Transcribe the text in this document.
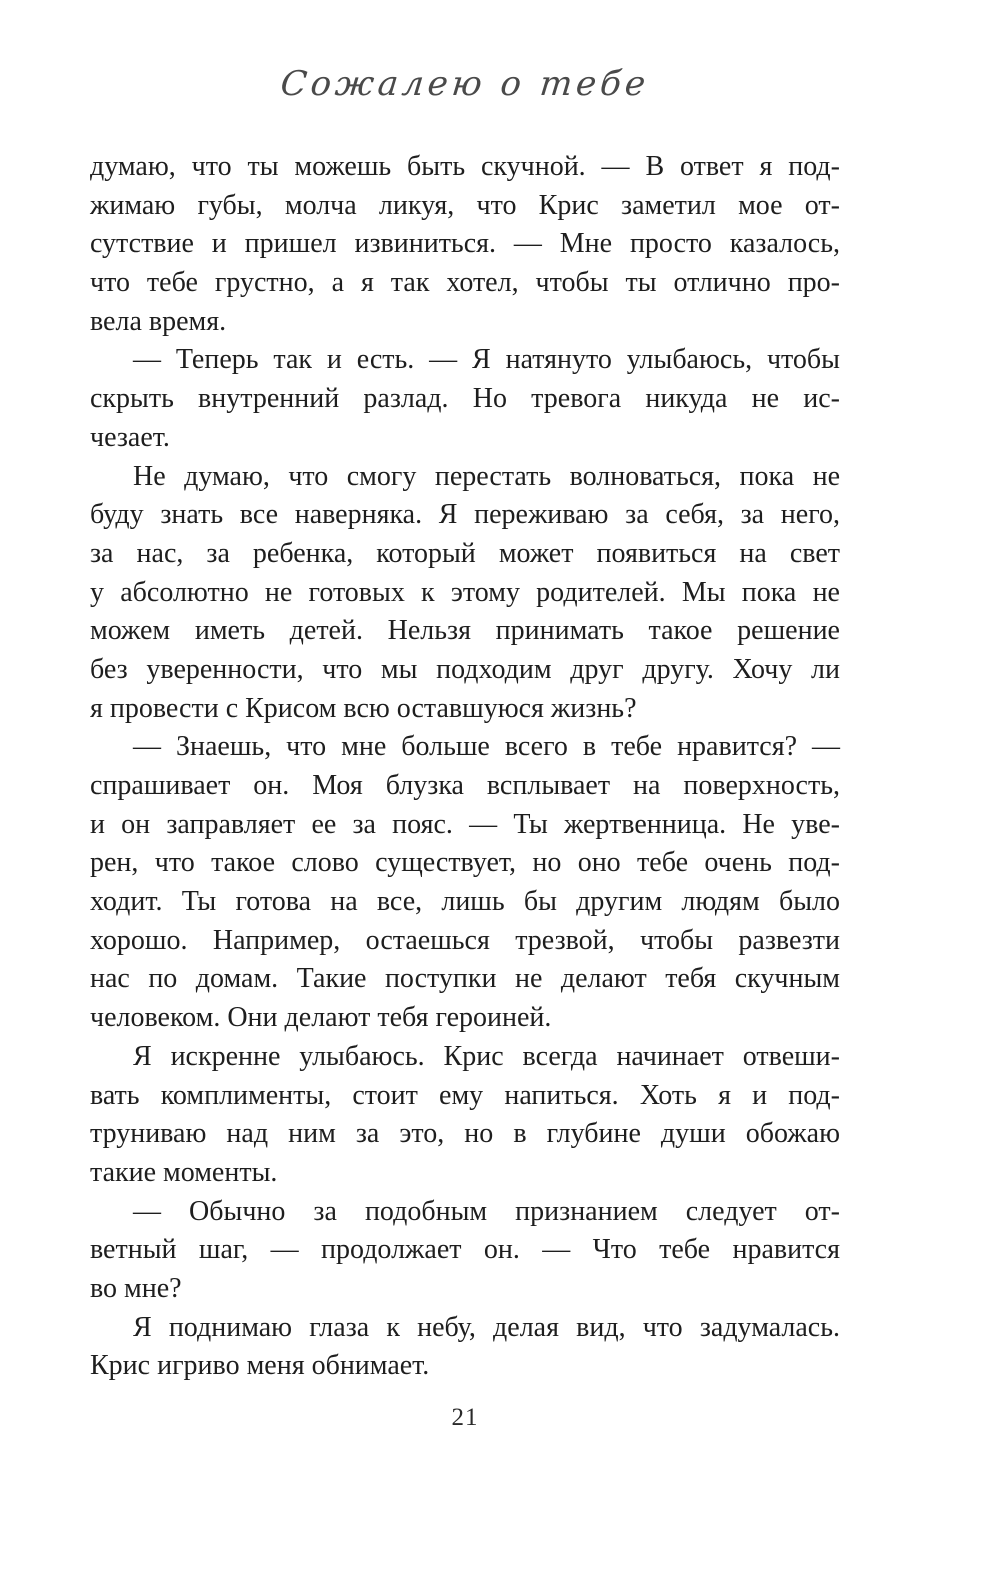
Сожалею о тебе
думаю, что ты можешь быть скучной. — В ответ я под-
жимаю губы, молча ликуя, что Крис заметил мое от-
сутствие и пришел извиниться. — Мне просто казалось,
что тебе грустно, а я так хотел, чтобы ты отлично про-
вела время.
— Теперь так и есть. — Я натянуто улыбаюсь, чтобы
скрыть внутренний разлад. Но тревога никуда не ис-
чезает.
Не думаю, что смогу перестать волноваться, пока не
буду знать все наверняка. Я переживаю за себя, за него,
за нас, за ребенка, который может появиться на свет
у абсолютно не готовых к этому родителей. Мы пока не
можем иметь детей. Нельзя принимать такое решение
без уверенности, что мы подходим друг другу. Хочу ли
я провести с Крисом всю оставшуюся жизнь?
— Знаешь, что мне больше всего в тебе нравится? —
спрашивает он. Моя блузка всплывает на поверхность,
и он заправляет ее за пояс. — Ты жертвенница. Не уве-
рен, что такое слово существует, но оно тебе очень под-
ходит. Ты готова на все, лишь бы другим людям было
хорошо. Например, остаешься трезвой, чтобы развезти
нас по домам. Такие поступки не делают тебя скучным
человеком. Они делают тебя героиней.
Я искренне улыбаюсь. Крис всегда начинает отвеши-
вать комплименты, стоит ему напиться. Хоть я и под-
труниваю над ним за это, но в глубине души обожаю
такие моменты.
— Обычно за подобным признанием следует от-
ветный шаг, — продолжает он. — Что тебе нравится
во мне?
Я поднимаю глаза к небу, делая вид, что задумалась.
Крис игриво меня обнимает.
21
